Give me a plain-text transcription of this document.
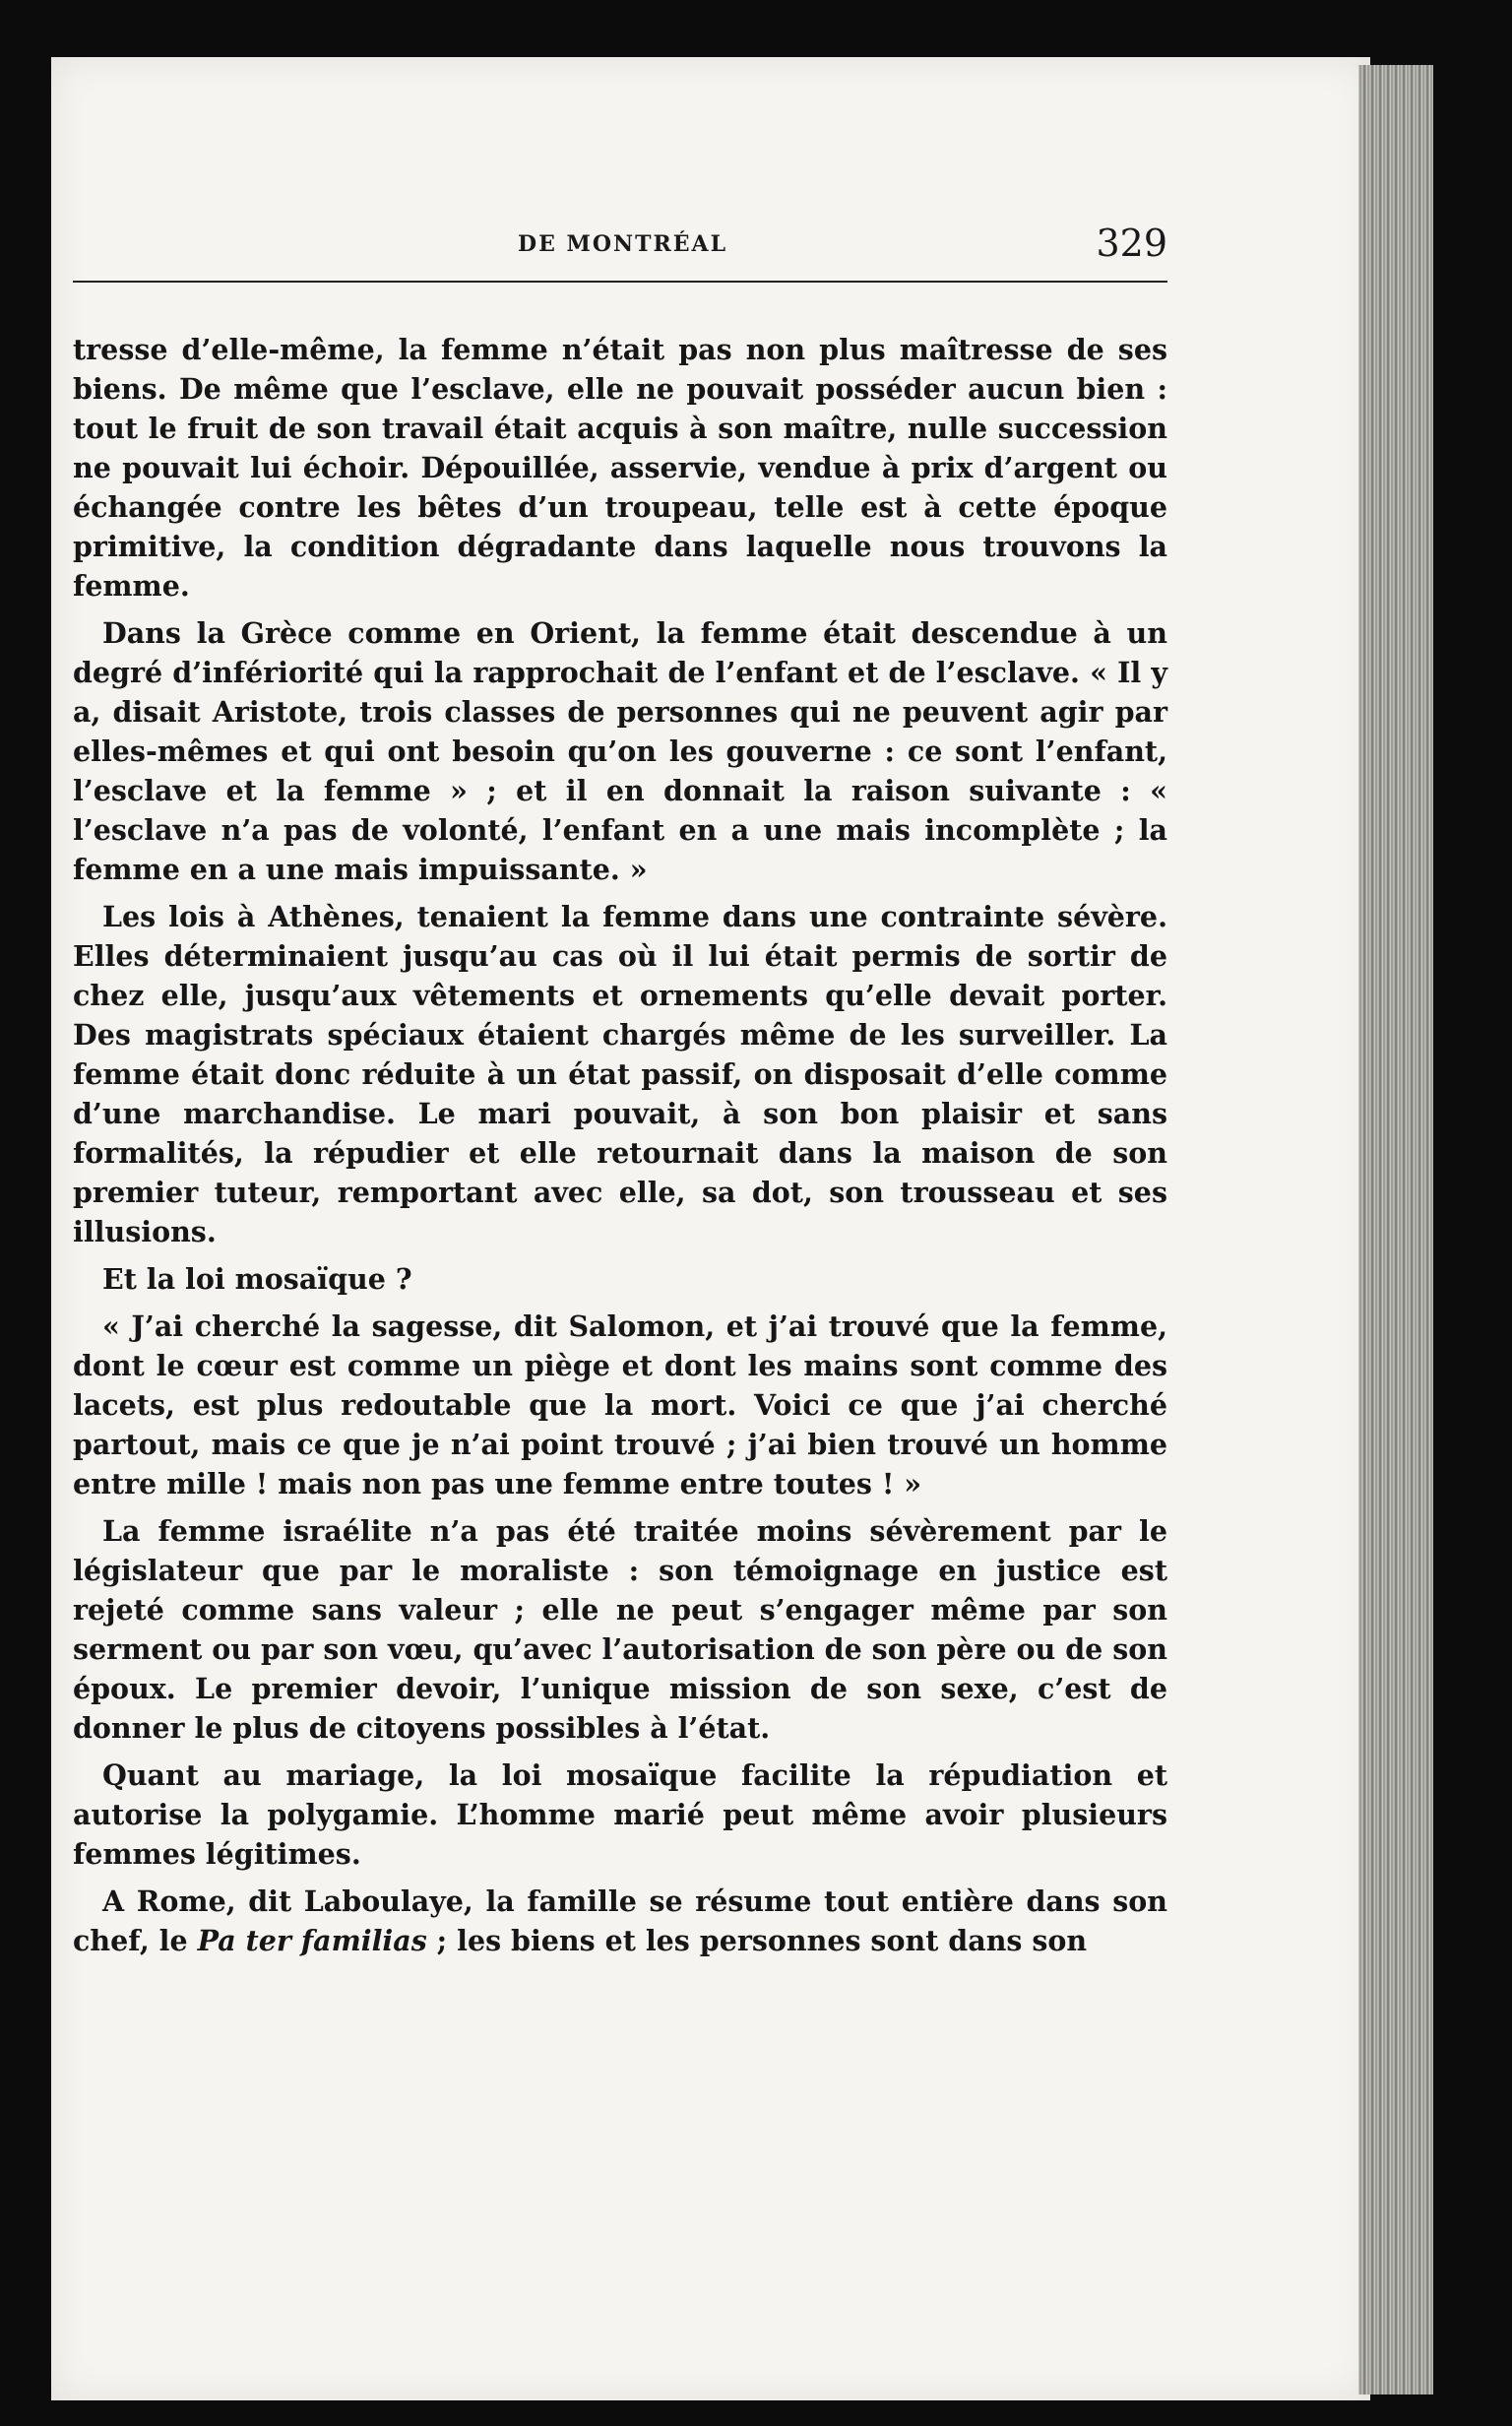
DE MONTRÉAL	329

tresse d’elle-même, la femme n’était pas non plus maîtresse de ses biens. De même que l’esclave, elle ne pouvait posséder aucun bien : tout le fruit de son travail était acquis à son maître, nulle succession ne pouvait lui échoir. Dépouillée, asservie, vendue à prix d’argent ou échangée contre les bêtes d’un troupeau, telle est à cette époque primitive, la condition dégradante dans laquelle nous trouvons la femme.

Dans la Grèce comme en Orient, la femme était descendue à un degré d’infériorité qui la rapprochait de l’enfant et de l’esclave. « Il y a, disait Aristote, trois classes de personnes qui ne peuvent agir par elles-mêmes et qui ont besoin qu’on les gouverne : ce sont l’enfant, l’esclave et la femme » ; et il en donnait la raison suivante : « l’esclave n’a pas de volonté, l’enfant en a une mais incomplète ; la femme en a une mais impuissante. »

Les lois à Athènes, tenaient la femme dans une contrainte sévère. Elles déterminaient jusqu’au cas où il lui était permis de sortir de chez elle, jusqu’aux vêtements et ornements qu’elle devait porter. Des magistrats spéciaux étaient chargés même de les surveiller. La femme était donc réduite à un état passif, on disposait d’elle comme d’une marchandise. Le mari pouvait, à son bon plaisir et sans formalités, la répudier et elle retournait dans la maison de son premier tuteur, remportant avec elle, sa dot, son trousseau et ses illusions.

Et la loi mosaïque ?

« J’ai cherché la sagesse, dit Salomon, et j’ai trouvé que la femme, dont le cœur est comme un piège et dont les mains sont comme des lacets, est plus redoutable que la mort. Voici ce que j’ai cherché partout, mais ce que je n’ai point trouvé ; j’ai bien trouvé un homme entre mille ! mais non pas une femme entre toutes ! »

La femme israélite n’a pas été traitée moins sévèrement par le législateur que par le moraliste : son témoignage en justice est rejeté comme sans valeur ; elle ne peut s’engager même par son serment ou par son vœu, qu’avec l’autorisation de son père ou de son époux. Le premier devoir, l’unique mission de son sexe, c’est de donner le plus de citoyens possibles à l’état.

Quant au mariage, la loi mosaïque facilite la répudiation et autorise la polygamie. L’homme marié peut même avoir plusieurs femmes légitimes.

A Rome, dit Laboulaye, la famille se résume tout entière dans son chef, le Pa ter familias ; les biens et les personnes sont dans son
